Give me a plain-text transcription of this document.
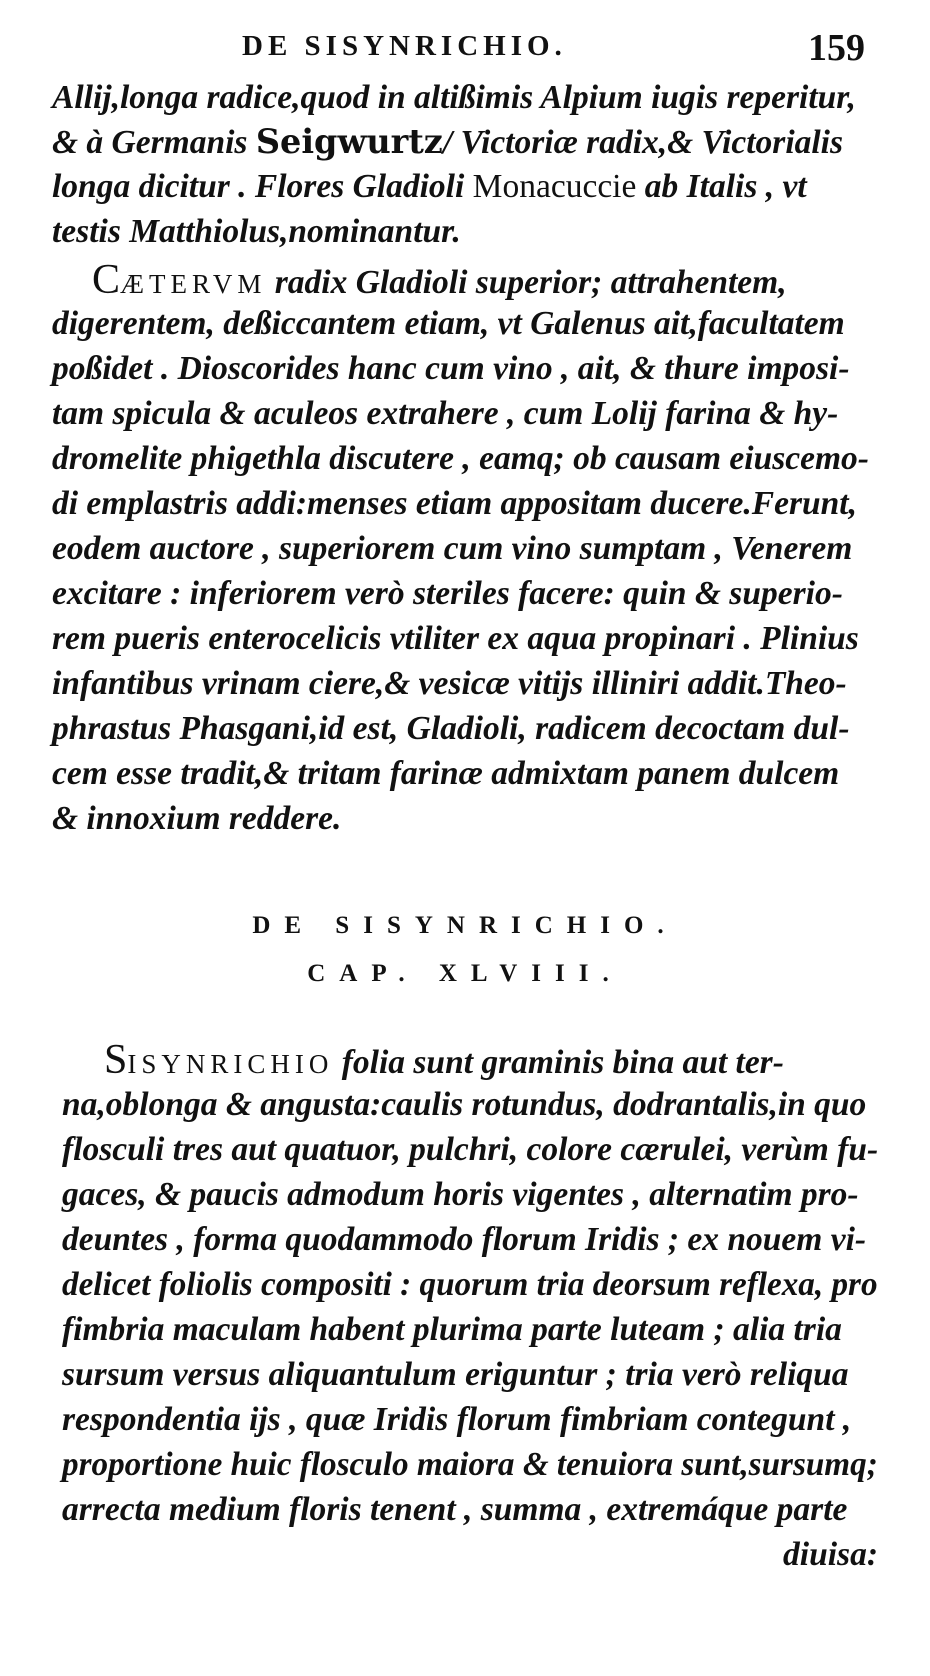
DE SISYNRICHIO.	159
Allij,longa radice,quod in altißimis Alpium iugis reperitur,
& à Germanis Seigwurtz/ Victoriæ radix,& Victorialis
longa dicitur . Flores Gladioli Monacuccie ab Italis , vt
testis Matthiolus,nominantur.
CÆTERVM radix Gladioli superior; attrahentem,
digerentem, deßiccantem etiam, vt Galenus ait,facultatem
poßidet . Dioscorides hanc cum vino , ait, & thure imposi-
tam spicula & aculeos extrahere , cum Lolij farina & hy-
dromelite phigethla discutere , eamq; ob causam eiuscemo-
di emplastris addi:menses etiam appositam ducere.Ferunt,
eodem auctore , superiorem cum vino sumptam , Venerem
excitare : inferiorem verò steriles facere: quin & superio-
rem pueris enterocelicis vtiliter ex aqua propinari . Plinius
infantibus vrinam ciere,& vesicæ vitijs illiniri addit.Theo-
phrastus Phasgani,id est, Gladioli, radicem decoctam dul-
cem esse tradit,& tritam farinæ admixtam panem dulcem
& innoxium reddere.
DE SISYNRICHIO.
CAP. XLVIII.
SISYNRICHIO folia sunt graminis bina aut ter-
na,oblonga & angusta:caulis rotundus, dodrantalis,in quo
flosculi tres aut quatuor, pulchri, colore cærulei, verùm fu-
gaces, & paucis admodum horis vigentes , alternatim pro-
deuntes , forma quodammodo florum Iridis ; ex nouem vi-
delicet foliolis compositi : quorum tria deorsum reflexa, pro
fimbria maculam habent plurima parte luteam ; alia tria
sursum versus aliquantulum eriguntur ; tria verò reliqua
respondentia ijs , quæ Iridis florum fimbriam contegunt ,
proportione huic flosculo maiora & tenuiora sunt,sursumq;
arrecta medium floris tenent , summa , extremáque parte
diuisa:
